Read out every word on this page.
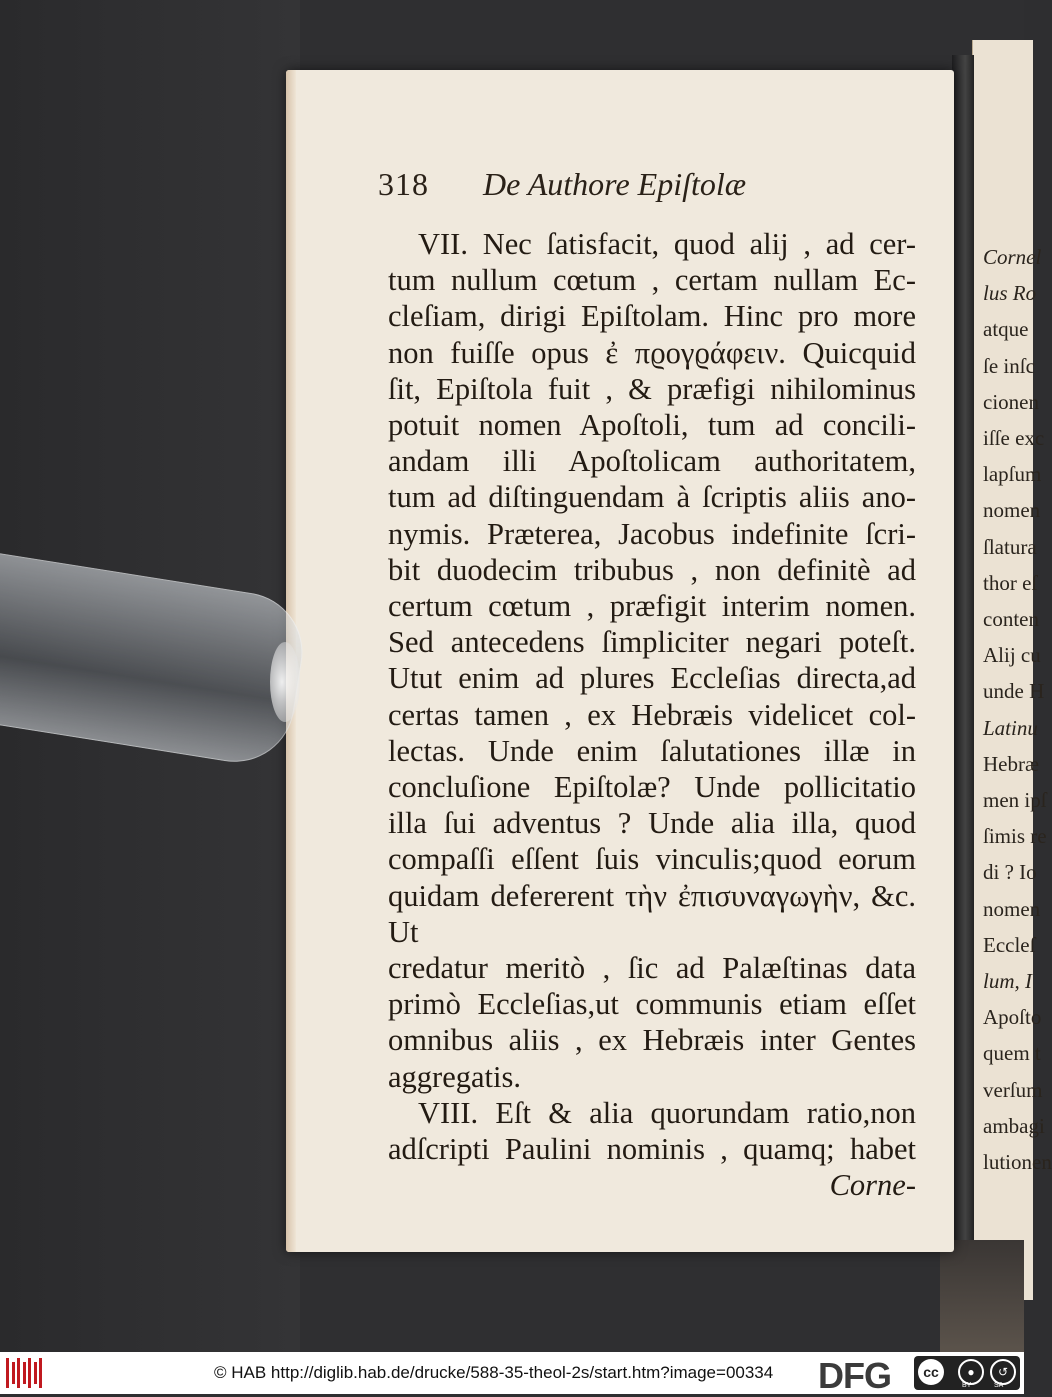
Cornel
lus Ro
atque
ſe inſc
cionen
iſſe exc
lapſum
nomen
ſlatura
thor eſ
conten
Alij cu
unde H
Latinu
Hebræ
men ipſ
ſimis re
di ? Io
nomen
Eccleſ
lum, I
Apoſto
quem t
verſum
ambagi
lutionen
318 De Authore Epiſtolæ
VII. Nec ſatisfacit, quod alij , ad cer-
tum nullum cœtum , certam nullam Ec-
cleſiam, dirigi Epiſtolam. Hinc pro more
non fuiſſe opus ἐ πϱογϱάφειν. Quicquid
ſit, Epiſtola fuit , & præfigi nihilominus
potuit nomen Apoſtoli, tum ad concili-
andam illi Apoſtolicam authoritatem,
tum ad diſtinguendam à ſcriptis aliis ano-
nymis. Præterea, Jacobus indefinite ſcri-
bit duodecim tribubus , non definitè ad
certum cœtum , præfigit interim nomen.
Sed antecedens ſimpliciter negari poteſt.
Utut enim ad plures Eccleſias directa,ad
certas tamen , ex Hebræis videlicet col-
lectas. Unde enim ſalutationes illæ in
concluſione Epiſtolæ? Unde pollicitatio
illa ſui adventus ? Unde alia illa, quod
compaſſi eſſent ſuis vinculis;quod eorum
quidam defererent τὴν ἐπισυναγωγὴν, &c. Ut
credatur meritò , ſic ad Palæſtinas data
primò Eccleſias,ut communis etiam eſſet
omnibus aliis , ex Hebræis inter Gentes
aggregatis.
VIII. Eſt & alia quorundam ratio,non
adſcripti Paulini nominis , quamq; habet
Corne-
© HAB http://diglib.hab.de/drucke/588-35-theol-2s/start.htm?image=00334 DFG	cc	●	↺
BY	SA
